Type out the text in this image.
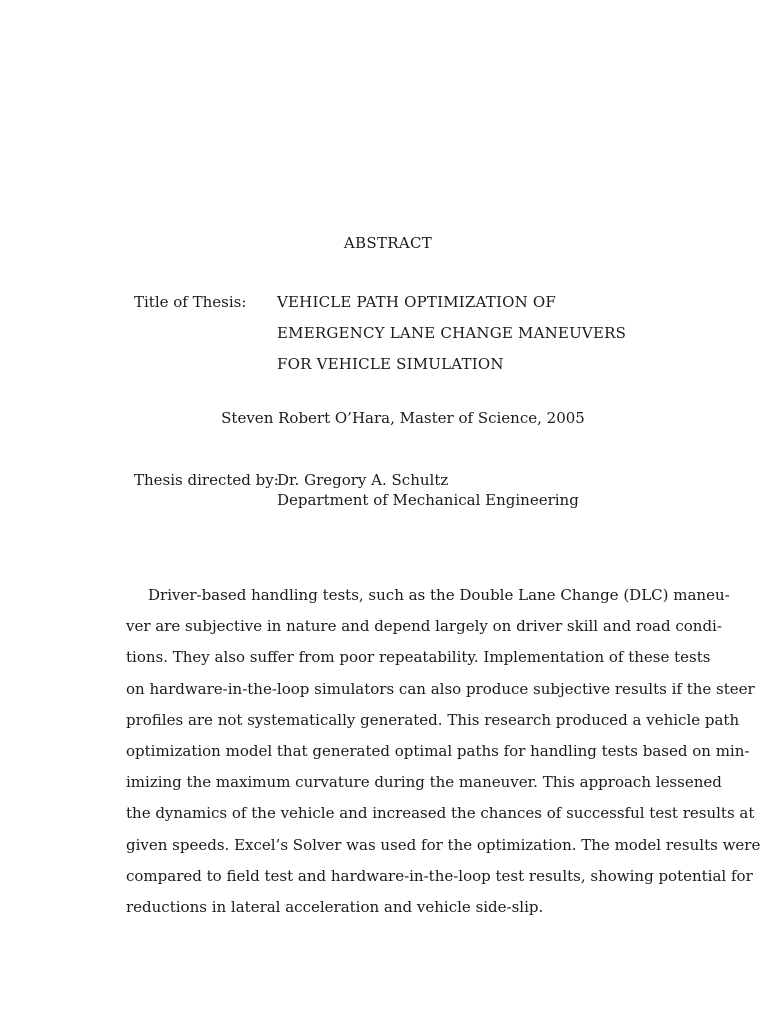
ABSTRACT
Title of Thesis: VEHICLE PATH OPTIMIZATION OF
EMERGENCY LANE CHANGE MANEUVERS
FOR VEHICLE SIMULATION
Steven Robert O’Hara, Master of Science, 2005
Thesis directed by:
Dr. Gregory A. Schultz
Department of Mechanical Engineering
Driver-based handling tests, such as the Double Lane Change (DLC) maneu-
ver are subjective in nature and depend largely on driver skill and road condi-
tions. They also suffer from poor repeatability. Implementation of these tests
on hardware-in-the-loop simulators can also produce subjective results if the steer
profiles are not systematically generated. This research produced a vehicle path
optimization model that generated optimal paths for handling tests based on min-
imizing the maximum curvature during the maneuver. This approach lessened
the dynamics of the vehicle and increased the chances of successful test results at
given speeds. Excel’s Solver was used for the optimization. The model results were
compared to field test and hardware-in-the-loop test results, showing potential for
reductions in lateral acceleration and vehicle side-slip.
